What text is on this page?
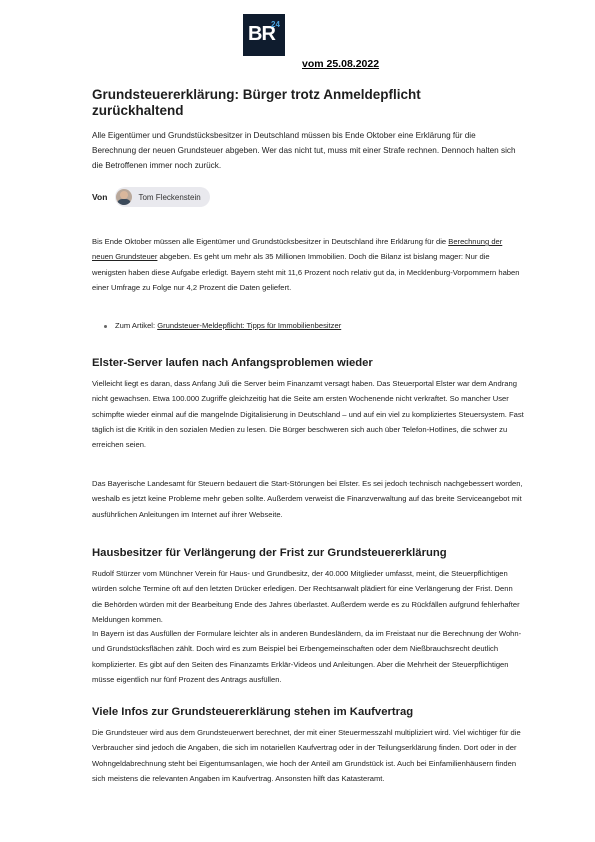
BR
24
vom 25.08.2022
Grundsteuererklärung: Bürger trotz Anmeldepflicht zurückhaltend

Alle Eigentümer und Grundstücksbesitzer in Deutschland müssen bis Ende Oktober eine Erklärung für die Berechnung der neuen Grundsteuer abgeben. Wer das nicht tut, muss mit einer Strafe rechnen. Dennoch halten sich die Betroffenen immer noch zurück.

Von	Tom Fleckenstein

Bis Ende Oktober müssen alle Eigentümer und Grundstücksbesitzer in Deutschland ihre Erklärung für die Berechnung der neuen Grundsteuer abgeben. Es geht um mehr als 35 Millionen Immobilien. Doch die Bilanz ist bislang mager: Nur die wenigsten haben diese Aufgabe erledigt. Bayern steht mit 11,6 Prozent noch relativ gut da, in Mecklenburg-Vorpommern haben einer Umfrage zu Folge nur 4,2 Prozent die Daten geliefert.

Zum Artikel: Grundsteuer-Meldepflicht: Tipps für Immobilienbesitzer
Elster-Server laufen nach Anfangsproblemen wieder

Vielleicht liegt es daran, dass Anfang Juli die Server beim Finanzamt versagt haben. Das Steuerportal Elster war dem Andrang nicht gewachsen. Etwa 100.000 Zugriffe gleichzeitig hat die Seite am ersten Wochenende nicht verkraftet. So mancher User schimpfte wieder einmal auf die mangelnde Digitalisierung in Deutschland – und auf ein viel zu kompliziertes Steuersystem. Fast täglich ist die Kritik in den sozialen Medien zu lesen. Die Bürger beschweren sich auch über Telefon-Hotlines, die schwer zu erreichen seien.

Das Bayerische Landesamt für Steuern bedauert die Start-Störungen bei Elster. Es sei jedoch technisch nachgebessert worden, weshalb es jetzt keine Probleme mehr geben sollte. Außerdem verweist die Finanzverwaltung auf das breite Serviceangebot mit ausführlichen Anleitungen im Internet auf ihrer Webseite.

Hausbesitzer für Verlängerung der Frist zur Grundsteuererklärung

Rudolf Stürzer vom Münchner Verein für Haus- und Grundbesitz, der 40.000 Mitglieder umfasst, meint, die Steuerpflichtigen würden solche Termine oft auf den letzten Drücker erledigen. Der Rechtsanwalt plädiert für eine Verlängerung der Frist. Denn die Behörden würden mit der Bearbeitung Ende des Jahres überlastet. Außerdem werde es zu Rückfällen aufgrund fehlerhafter Meldungen kommen.

In Bayern ist das Ausfüllen der Formulare leichter als in anderen Bundesländern, da im Freistaat nur die Berechnung der Wohn- und Grundstücksflächen zählt. Doch wird es zum Beispiel bei Erbengemeinschaften oder dem Nießbrauchsrecht deutlich komplizierter. Es gibt auf den Seiten des Finanzamts Erklär-Videos und Anleitungen. Aber die Mehrheit der Steuerpflichtigen müsse eigentlich nur fünf Prozent des Antrags ausfüllen.

Viele Infos zur Grundsteuererklärung stehen im Kaufvertrag

Die Grundsteuer wird aus dem Grundsteuerwert berechnet, der mit einer Steuermesszahl multipliziert wird. Viel wichtiger für die Verbraucher sind jedoch die Angaben, die sich im notariellen Kaufvertrag oder in der Teilungserklärung finden. Dort oder in der Wohngeldabrechnung steht bei Eigentumsanlagen, wie hoch der Anteil am Grundstück ist. Auch bei Einfamilienhäusern finden sich meistens die relevanten Angaben im Kaufvertrag. Ansonsten hilft das Katasteramt.
